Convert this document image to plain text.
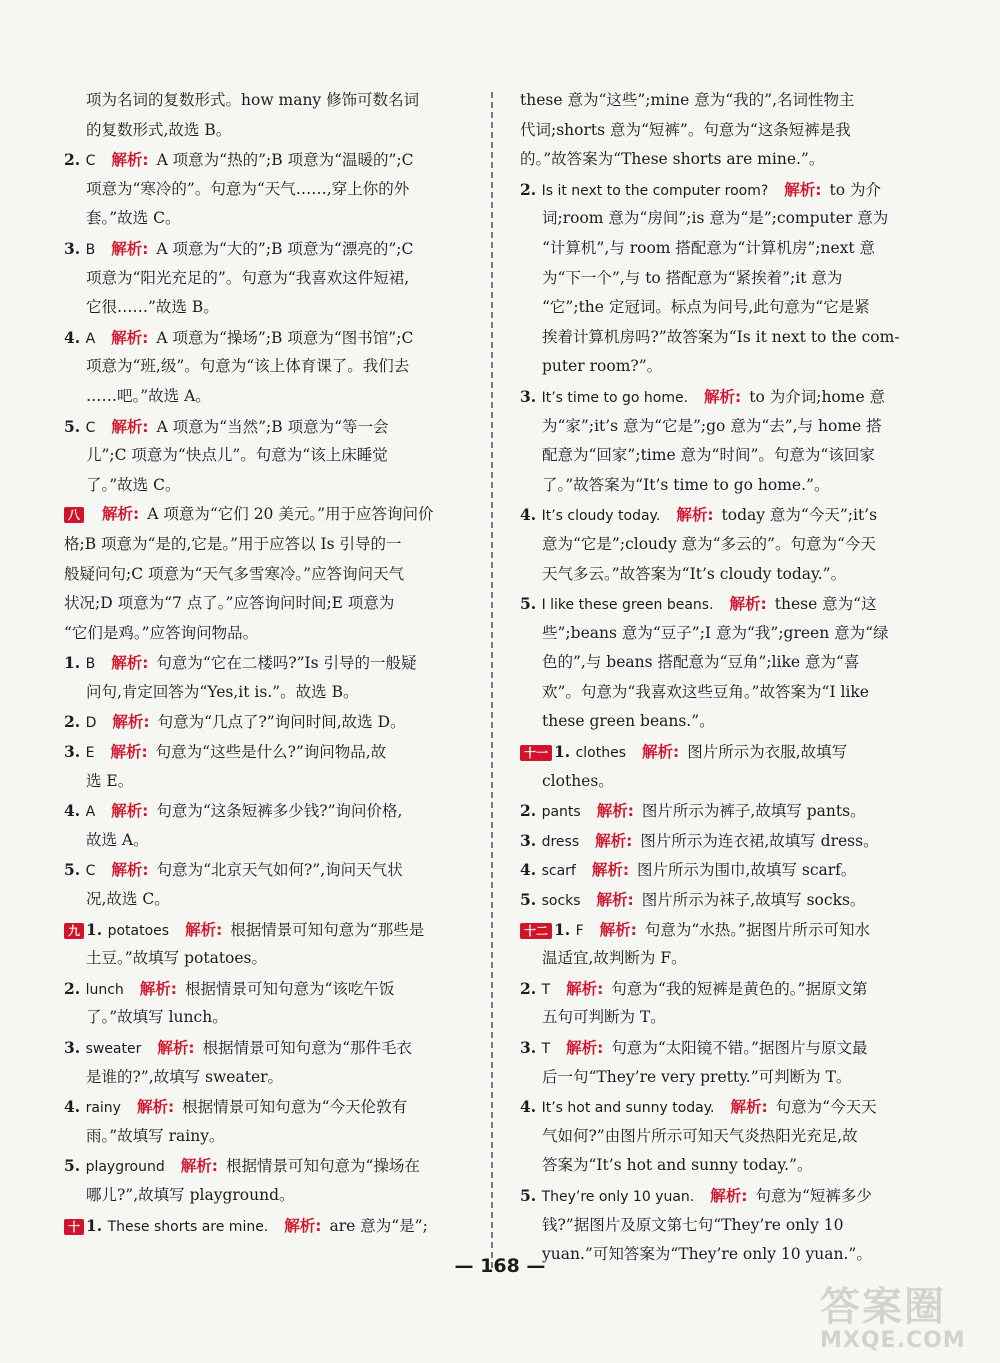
项为名词的复数形式。how many 修饰可数名词
的复数形式,故选 B。
2. C 解析: A 项意为“热的”;B 项意为“温暖的”;C
项意为“寒冷的”。句意为“天气……,穿上你的外
套。”故选 C。
3. B 解析: A 项意为“大的”;B 项意为“漂亮的”;C
项意为“阳光充足的”。句意为“我喜欢这件短裙,
它很……”故选 B。
4. A 解析: A 项意为“操场”;B 项意为“图书馆”;C
项意为“班,级”。句意为“该上体育课了。我们去
……吧。”故选 A。
5. C 解析: A 项意为“当然”;B 项意为“等一会
儿”;C 项意为“快点儿”。句意为“该上床睡觉
了。”故选 C。
八 解析: A 项意为“它们 20 美元。”用于应答询问价
格;B 项意为“是的,它是。”用于应答以 Is 引导的一
般疑问句;C 项意为“天气多雪寒冷。”应答询问天气
状况;D 项意为“7 点了。”应答询问时间;E 项意为
“它们是鸡。”应答询问物品。
1. B 解析: 句意为“它在二楼吗?”Is 引导的一般疑
问句,肯定回答为“Yes,it is.”。故选 B。
2. D 解析: 句意为“几点了?”询问时间,故选 D。
3. E 解析: 句意为“这些是什么?”询问物品,故
选 E。
4. A 解析: 句意为“这条短裤多少钱?”询问价格,
故选 A。
5. C 解析: 句意为“北京天气如何?”,询问天气状
况,故选 C。
九 1. potatoes 解析: 根据情景可知句意为“那些是
土豆。”故填写 potatoes。
2. lunch 解析: 根据情景可知句意为“该吃午饭
了。”故填写 lunch。
3. sweater 解析: 根据情景可知句意为“那件毛衣
是谁的?”,故填写 sweater。
4. rainy 解析: 根据情景可知句意为“今天伦敦有
雨。”故填写 rainy。
5. playground 解析: 根据情景可知句意为“操场在
哪儿?”,故填写 playground。
十 1. These shorts are mine. 解析: are 意为“是”;
these 意为“这些”;mine 意为“我的”,名词性物主
代词;shorts 意为“短裤”。句意为“这条短裤是我
的。”故答案为“These shorts are mine.”。
2. Is it next to the computer room? 解析: to 为介
词;room 意为“房间”;is 意为“是”;computer 意为
“计算机”,与 room 搭配意为“计算机房”;next 意
为“下一个”,与 to 搭配意为“紧挨着”;it 意为
“它”;the 定冠词。标点为问号,此句意为“它是紧
挨着计算机房吗?”故答案为“Is it next to the com-
puter room?”。
3. It’s time to go home. 解析: to 为介词;home 意
为“家”;it’s 意为“它是”;go 意为“去”,与 home 搭
配意为“回家”;time 意为“时间”。句意为“该回家
了。”故答案为“It’s time to go home.”。
4. It’s cloudy today. 解析: today 意为“今天”;it’s
意为“它是”;cloudy 意为“多云的”。句意为“今天
天气多云。”故答案为“It’s cloudy today.”。
5. I like these green beans. 解析: these 意为“这
些”;beans 意为“豆子”;I 意为“我”;green 意为“绿
色的”,与 beans 搭配意为“豆角”;like 意为“喜
欢”。句意为“我喜欢这些豆角。”故答案为“I like
these green beans.”。
十一 1. clothes 解析: 图片所示为衣服,故填写
clothes。
2. pants 解析: 图片所示为裤子,故填写 pants。
3. dress 解析: 图片所示为连衣裙,故填写 dress。
4. scarf 解析: 图片所示为围巾,故填写 scarf。
5. socks 解析: 图片所示为袜子,故填写 socks。
十二 1. F 解析: 句意为“水热。”据图片所示可知水
温适宜,故判断为 F。
2. T 解析: 句意为“我的短裤是黄色的。”据原文第
五句可判断为 T。
3. T 解析: 句意为“太阳镜不错。”据图片与原文最
后一句“They’re very pretty.”可判断为 T。
4. It’s hot and sunny today. 解析: 句意为“今天天
气如何?”由图片所示可知天气炎热阳光充足,故
答案为“It’s hot and sunny today.”。
5. They’re only 10 yuan. 解析: 句意为“短裤多少
钱?”据图片及原文第七句“They’re only 10
yuan.”可知答案为“They’re only 10 yuan.”。
— 168 —
答案圈
MXQE.COM
